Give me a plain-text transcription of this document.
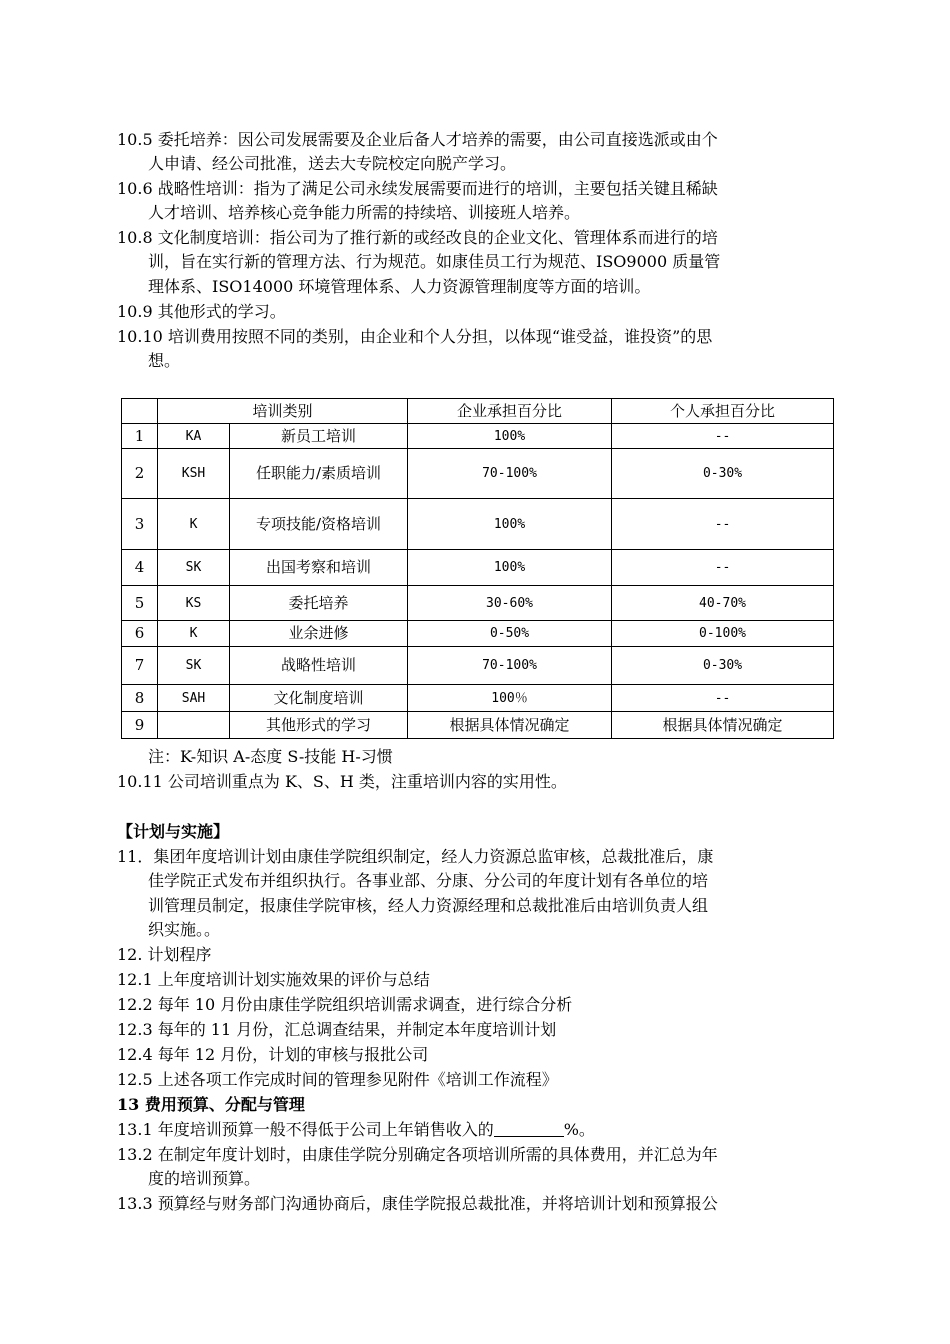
10.5 委托培养：因公司发展需要及企业后备人才培养的需要，由公司直接选派或由个
人申请、经公司批准，送去大专院校定向脱产学习。
10.6 战略性培训：指为了满足公司永续发展需要而进行的培训，主要包括关键且稀缺
人才培训、培养核心竞争能力所需的持续培、训接班人培养。
10.8 文化制度培训：指公司为了推行新的或经改良的企业文化、管理体系而进行的培
训，旨在实行新的管理方法、行为规范。如康佳员工行为规范、ISO9000 质量管
理体系、ISO14000 环境管理体系、人力资源管理制度等方面的培训。
10.9 其他形式的学习。
10.10 培训费用按照不同的类别，由企业和个人分担，以体现“谁受益，谁投资”的思
想。
	培训类别		企业承担百分比	个人承担百分比
1	KA	新员工培训	100%	--
2	KSH	任职能力/素质培训	70-100%	0-30%
3	K	专项技能/资格培训	100%	--
4	SK	出国考察和培训	100%	--
5	KS	委托培养	30-60%	40-70%
6	K	业余进修	0-50%	0-100%
7	SK	战略性培训	70-100%	0-30%
8	SAH	文化制度培训	100％	--
9		其他形式的学习	根据具体情况确定	根据具体情况确定
注：K-知识 A-态度 S-技能 H-习惯
10.11 公司培训重点为 K、S、H 类，注重培训内容的实用性。
【计划与实施】
11．集团年度培训计划由康佳学院组织制定，经人力资源总监审核，总裁批准后，康
佳学院正式发布并组织执行。各事业部、分康、分公司的年度计划有各单位的培
训管理员制定，报康佳学院审核，经人力资源经理和总裁批准后由培训负责人组
织实施。。
12. 计划程序
12.1 上年度培训计划实施效果的评价与总结
12.2 每年 10 月份由康佳学院组织培训需求调查，进行综合分析
12.3 每年的 11 月份，汇总调查结果，并制定本年度培训计划
12.4 每年 12 月份，计划的审核与报批公司
12.5 上述各项工作完成时间的管理参见附件《培训工作流程》
13 费用预算、分配与管理
13.1 年度培训预算一般不得低于公司上年销售收入的	%。
13.2 在制定年度计划时，由康佳学院分别确定各项培训所需的具体费用，并汇总为年
度的培训预算。
13.3 预算经与财务部门沟通协商后，康佳学院报总裁批准，并将培训计划和预算报公
